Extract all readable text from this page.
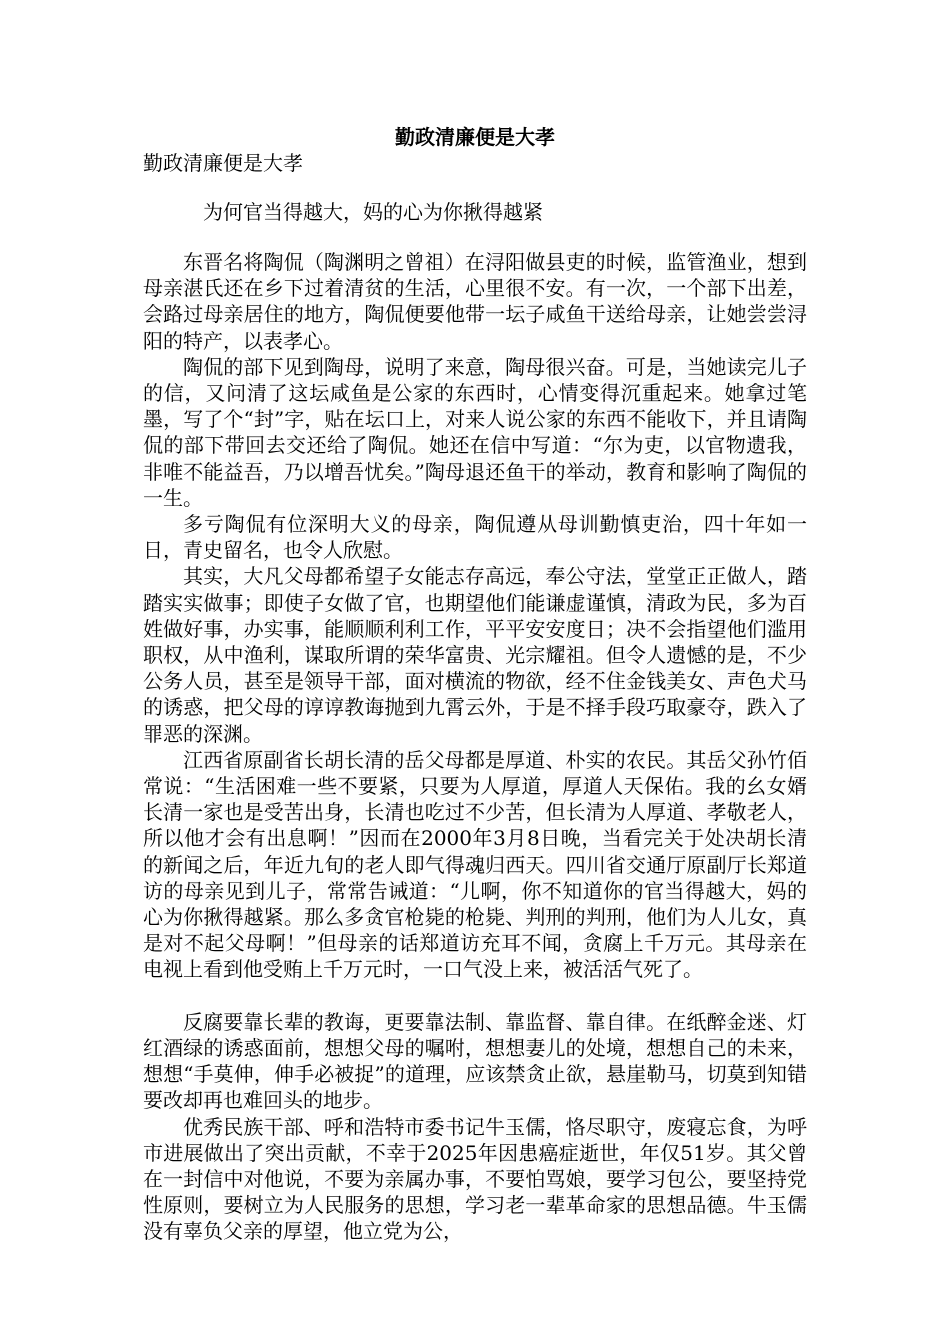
勤政清廉便是大孝
勤政清廉便是大孝
为何官当得越大，妈的心为你揪得越紧

东晋名将陶侃（陶渊明之曾祖）在浔阳做县吏的时候，监管渔业，想到母亲湛氏还在乡下过着清贫的生活，心里很不安。有一次，一个部下出差，会路过母亲居住的地方，陶侃便要他带一坛子咸鱼干送给母亲，让她尝尝浔阳的特产，以表孝心。

陶侃的部下见到陶母，说明了来意，陶母很兴奋。可是，当她读完儿子的信，又问清了这坛咸鱼是公家的东西时，心情变得沉重起来。她拿过笔墨，写了个“封”字，贴在坛口上，对来人说公家的东西不能收下，并且请陶侃的部下带回去交还给了陶侃。她还在信中写道：“尔为吏，以官物遗我，非唯不能益吾，乃以增吾忧矣。”陶母退还鱼干的举动，教育和影响了陶侃的一生。

多亏陶侃有位深明大义的母亲，陶侃遵从母训勤慎吏治，四十年如一日，青史留名，也令人欣慰。

其实，大凡父母都希望子女能志存高远，奉公守法，堂堂正正做人，踏踏实实做事；即使子女做了官，也期望他们能谦虚谨慎，清政为民，多为百姓做好事，办实事，能顺顺利利工作，平平安安度日；决不会指望他们滥用职权，从中渔利，谋取所谓的荣华富贵、光宗耀祖。但令人遗憾的是，不少公务人员，甚至是领导干部，面对横流的物欲，经不住金钱美女、声色犬马的诱惑，把父母的谆谆教诲抛到九霄云外，于是不择手段巧取豪夺，跌入了罪恶的深渊。

江西省原副省长胡长清的岳父母都是厚道、朴实的农民。其岳父孙竹佰常说：“生活困难一些不要紧，只要为人厚道，厚道人天保佑。我的幺女婿长清一家也是受苦出身，长清也吃过不少苦，但长清为人厚道、孝敬老人，所以他才会有出息啊！”因而在2000年3月8日晚，当看完关于处决胡长清的新闻之后，年近九旬的老人即气得魂归西天。四川省交通厅原副厅长郑道访的母亲见到儿子，常常告诫道：“儿啊，你不知道你的官当得越大，妈的心为你揪得越紧。那么多贪官枪毙的枪毙、判刑的判刑，他们为人儿女，真是对不起父母啊！”但母亲的话郑道访充耳不闻，贪腐上千万元。其母亲在电视上看到他受贿上千万元时，一口气没上来，被活活气死了。

反腐要靠长辈的教诲，更要靠法制、靠监督、靠自律。在纸醉金迷、灯红酒绿的诱惑面前，想想父母的嘱咐，想想妻儿的处境，想想自己的未来，想想“手莫伸，伸手必被捉”的道理，应该禁贪止欲，悬崖勒马，切莫到知错要改却再也难回头的地步。

优秀民族干部、呼和浩特市委书记牛玉儒，恪尽职守，废寝忘食，为呼市进展做出了突出贡献，不幸于2025年因患癌症逝世，年仅51岁。其父曾在一封信中对他说，不要为亲属办事，不要怕骂娘，要学习包公，要坚持党性原则，要树立为人民服务的思想，学习老一辈革命家的思想品德。牛玉儒没有辜负父亲的厚望，他立党为公，
